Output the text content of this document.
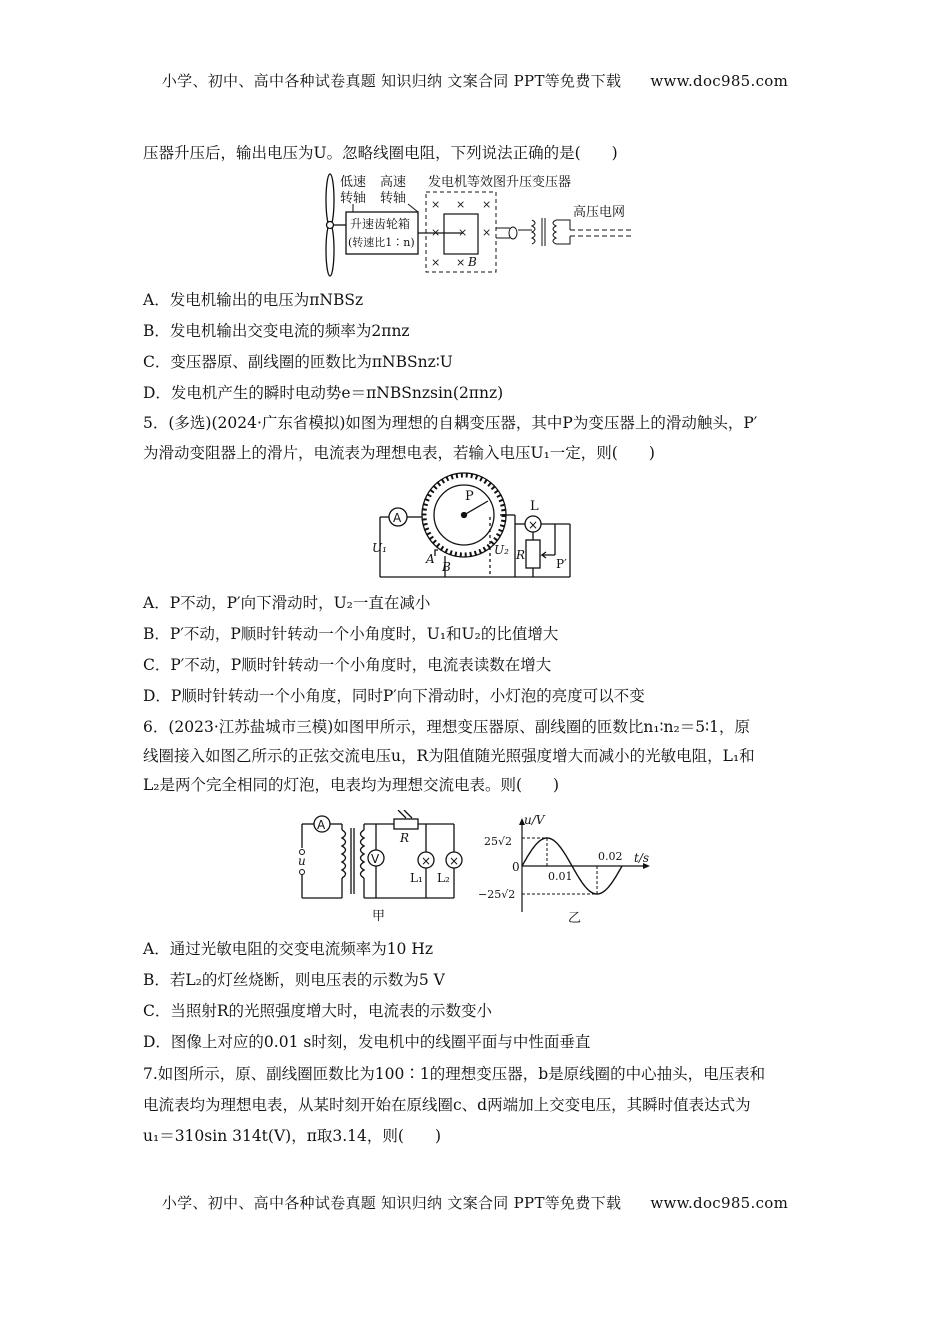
小学、初中、高中各种试卷真题 知识归纳 文案合同 PPT等免费下载 www.doc985.com
压器升压后，输出电压为U。忽略线圈电阻，下列说法正确的是(　　)
低速
转轴
高速
转轴
升速齿轮箱
(转速比1∶n)
发电机等效图
× × ×
× × ×
× × B
升压变压器
高压电网
A．发电机输出的电压为πNBSz
B．发电机输出交变电流的频率为2πnz
C．变压器原、副线圈的匝数比为πNBSnz∶U
D．发电机产生的瞬时电动势e＝πNBSnzsin(2πnz)
5．(多选)(2024·广东省模拟)如图为理想的自耦变压器，其中P为变压器上的滑动触头，P′
为滑动变阻器上的滑片，电流表为理想电表，若输入电压U₁一定，则(　　)
A	×
L
P
U₁	U₂
A
B
R
P′
A．P不动，P′向下滑动时，U₂一直在减小
B．P′不动，P顺时针转动一个小角度时，U₁和U₂的比值增大
C．P′不动，P顺时针转动一个小角度时，电流表读数在增大
D．P顺时针转动一个小角度，同时P′向下滑动时，小灯泡的亮度可以不变
6．(2023·江苏盐城市三模)如图甲所示，理想变压器原、副线圈的匝数比n₁∶n₂＝5∶1，原
线圈接入如图乙所示的正弦交流电压u，R为阻值随光照强度增大而减小的光敏电阻，L₁和
L₂是两个完全相同的灯泡，电表均为理想交流电表。则(　　)
u
A
V
R
×
L₁
×
L₂
甲
u/V
t/s
0
25√2
−25√2
0.01
0.02
乙
A．通过光敏电阻的交变电流频率为10 Hz
B．若L₂的灯丝烧断，则电压表的示数为5 V
C．当照射R的光照强度增大时，电流表的示数变小
D．图像上对应的0.01 s时刻，发电机中的线圈平面与中性面垂直
7.如图所示，原、副线圈匝数比为100∶1的理想变压器，b是原线圈的中心抽头，电压表和
电流表均为理想电表，从某时刻开始在原线圈c、d两端加上交变电压，其瞬时值表达式为
u₁＝310sin 314t(V)，π取3.14，则(　　)
小学、初中、高中各种试卷真题 知识归纳 文案合同 PPT等免费下载 www.doc985.com
